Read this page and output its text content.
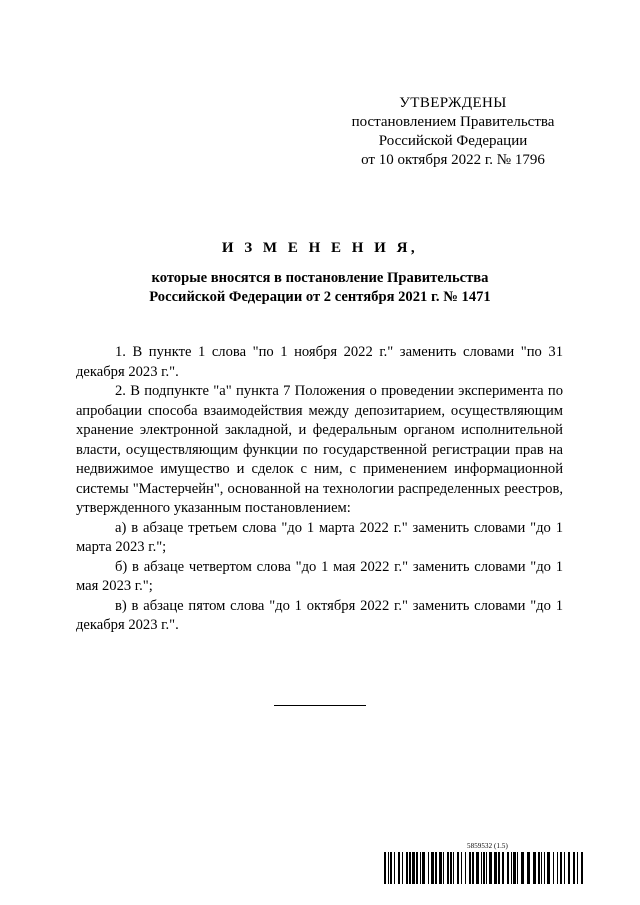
УТВЕРЖДЕНЫ
постановлением Правительства
Российской Федерации
от 10 октября 2022 г. № 1796
И З М Е Н Е Н И Я,
которые вносятся в постановление Правительства
Российской Федерации от 2 сентября 2021 г. № 1471

1. В пункте 1 слова "по 1 ноября 2022 г." заменить словами "по 31 декабря 2023 г.".

2. В подпункте "а" пункта 7 Положения о проведении эксперимента по апробации способа взаимодействия между депозитарием, осуществляющим хранение электронной закладной, и федеральным органом исполнительной власти, осуществляющим функции по государственной регистрации прав на недвижимое имущество и сделок с ним, с применением информационной системы "Мастерчейн", основанной на технологии распределенных реестров, утвержденного указанным постановлением:

а) в абзаце третьем слова "до 1 марта 2022 г." заменить словами "до 1 марта 2023 г.";

б) в абзаце четвертом слова "до 1 мая 2022 г." заменить словами "до 1 мая 2023 г.";

в) в абзаце пятом слова "до 1 октября 2022 г." заменить словами "до 1 декабря 2023 г.".

5859532 (1.5)
